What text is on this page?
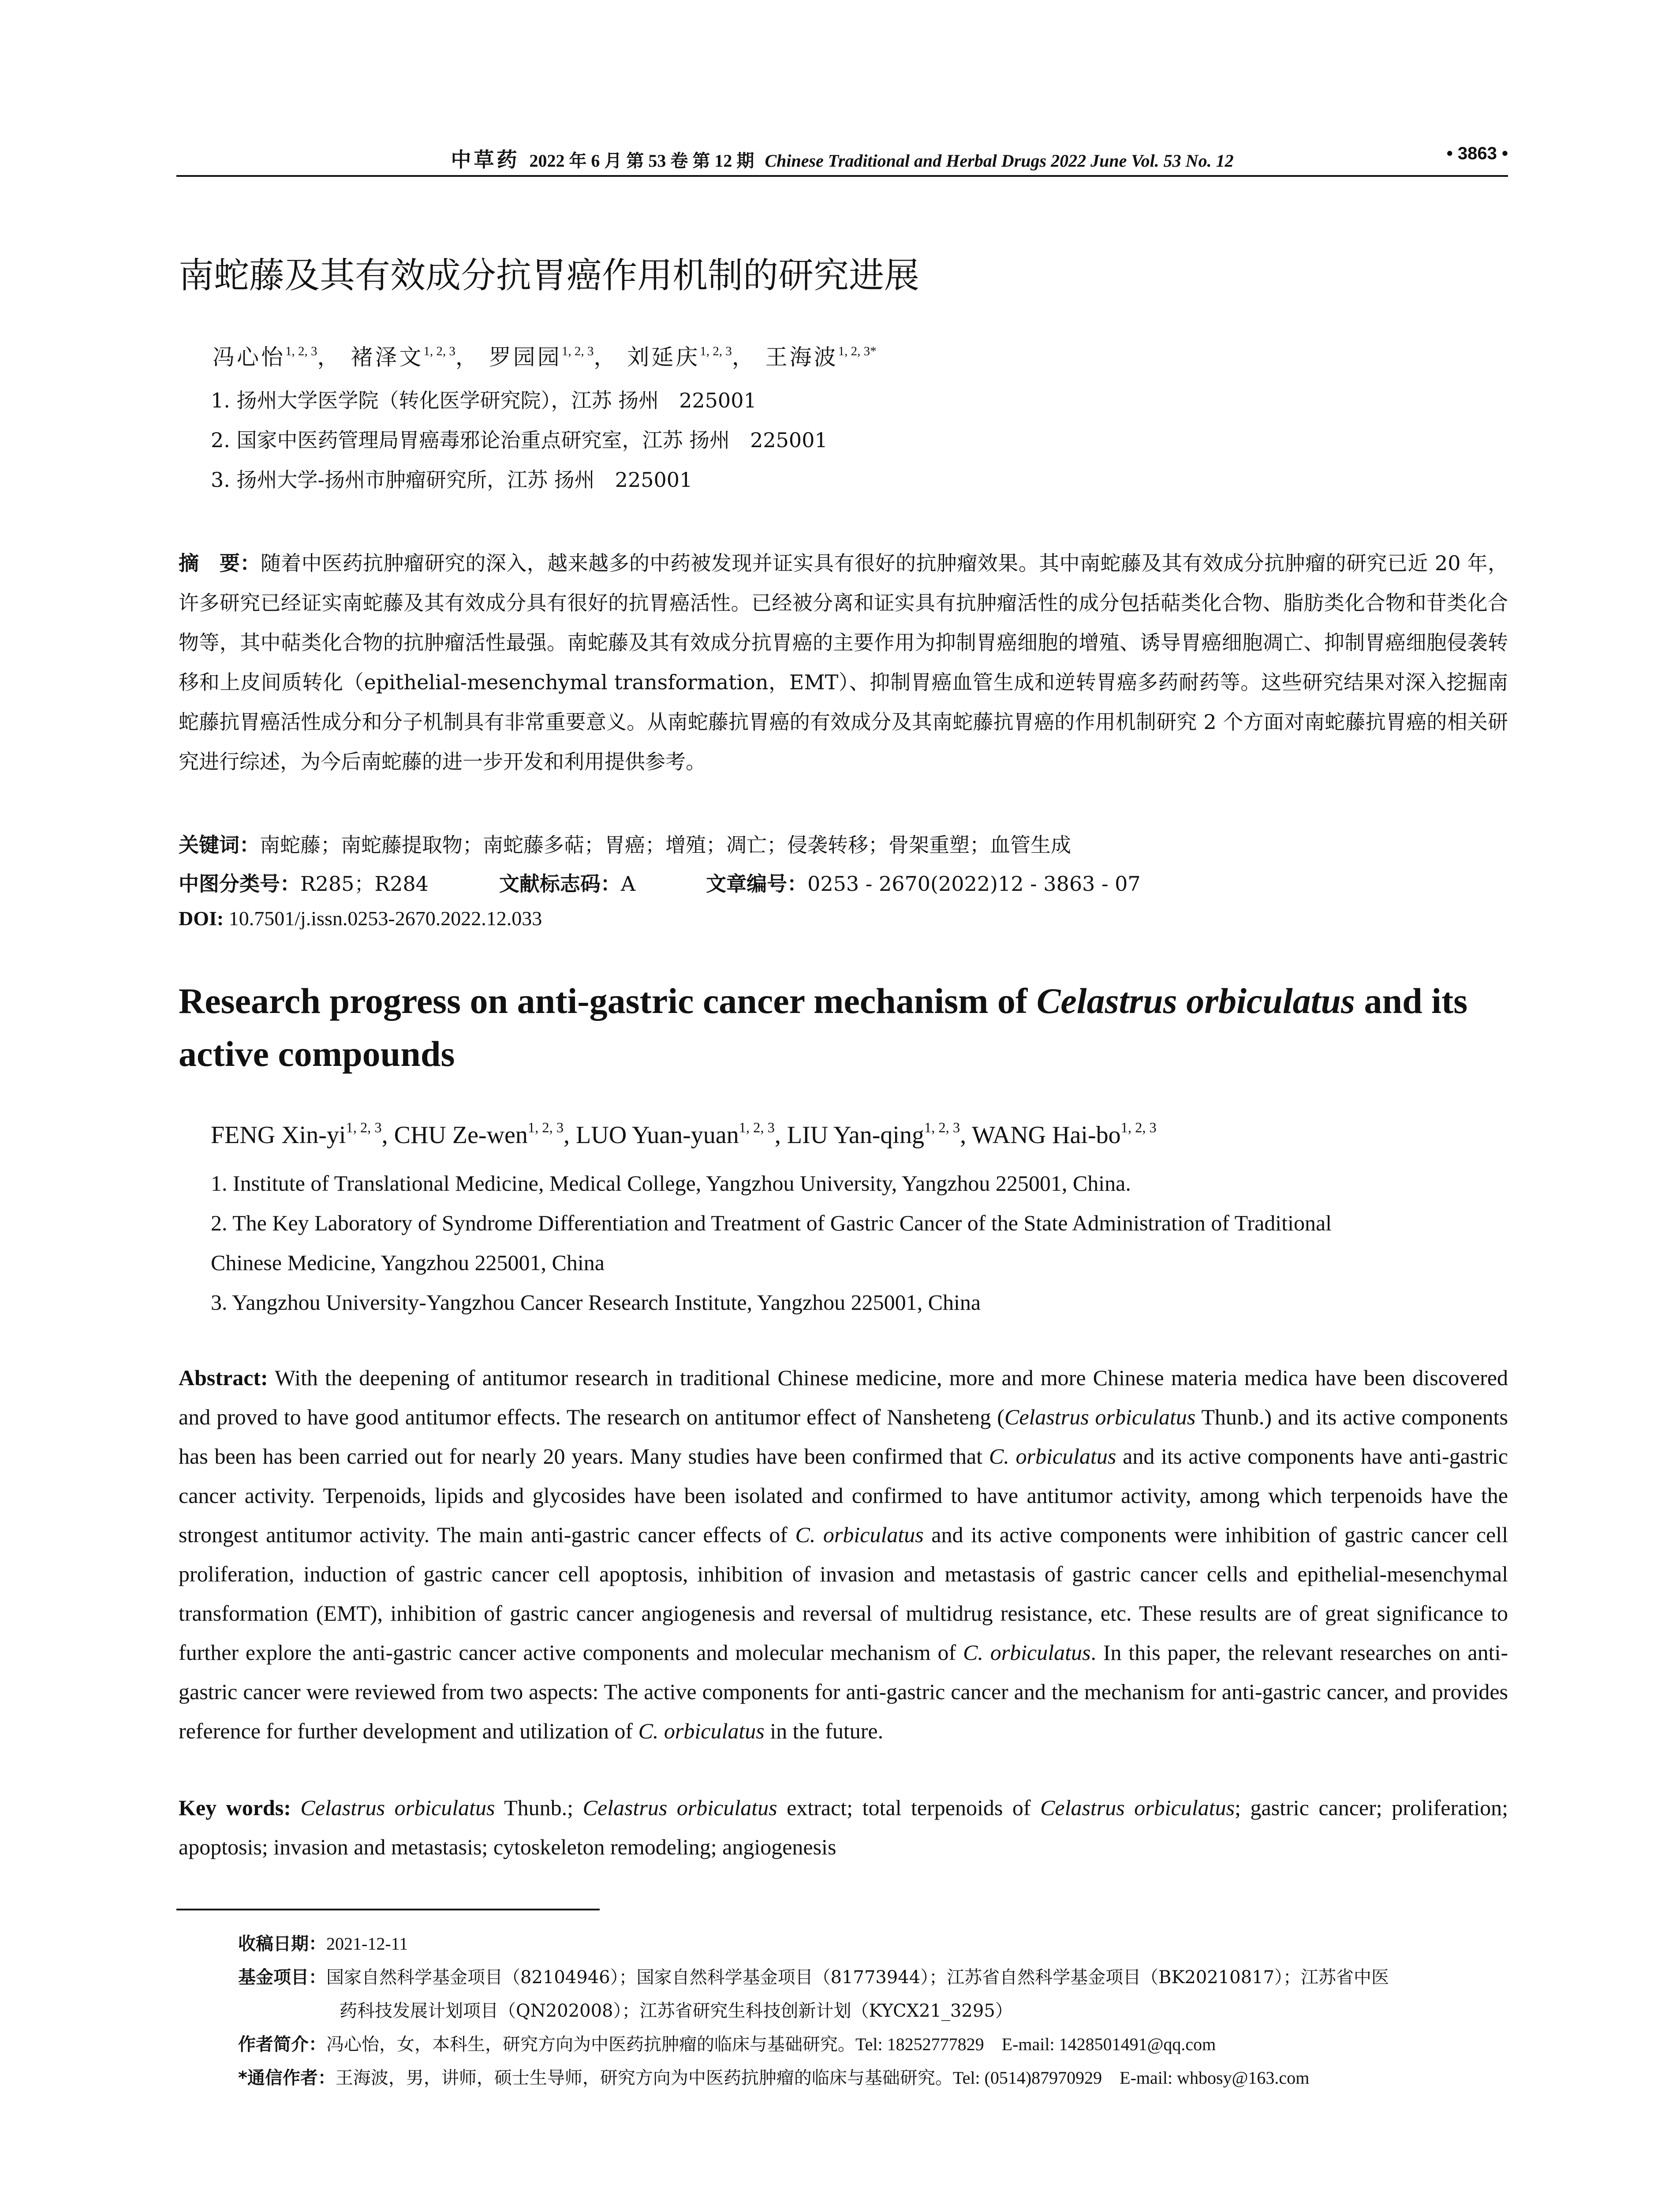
中草药 2022 年 6 月 第 53 卷 第 12 期 Chinese Traditional and Herbal Drugs 2022 June Vol. 53 No. 12	• 3863 •
南蛇藤及其有效成分抗胃癌作用机制的研究进展
冯心怡$^{1, 2, 3}$， 褚泽文$^{1, 2, 3}$， 罗园园$^{1, 2, 3}$， 刘延庆$^{1, 2, 3}$， 王海波$^{1, 2, 3*}$
1. 扬州大学医学院（转化医学研究院），江苏 扬州　225001
2. 国家中医药管理局胃癌毒邪论治重点研究室，江苏 扬州　225001
3. 扬州大学-扬州市肿瘤研究所，江苏 扬州　225001
摘　要：随着中医药抗肿瘤研究的深入，越来越多的中药被发现并证实具有很好的抗肿瘤效果。其中南蛇藤及其有效成分抗肿瘤的研究已近 20 年，许多研究已经证实南蛇藤及其有效成分具有很好的抗胃癌活性。已经被分离和证实具有抗肿瘤活性的成分包括萜类化合物、脂肪类化合物和苷类化合物等，其中萜类化合物的抗肿瘤活性最强。南蛇藤及其有效成分抗胃癌的主要作用为抑制胃癌细胞的增殖、诱导胃癌细胞凋亡、抑制胃癌细胞侵袭转移和上皮间质转化（epithelial-mesenchymal transformation，EMT）、抑制胃癌血管生成和逆转胃癌多药耐药等。这些研究结果对深入挖掘南蛇藤抗胃癌活性成分和分子机制具有非常重要意义。从南蛇藤抗胃癌的有效成分及其南蛇藤抗胃癌的作用机制研究 2 个方面对南蛇藤抗胃癌的相关研究进行综述，为今后南蛇藤的进一步开发和利用提供参考。
关键词：南蛇藤；南蛇藤提取物；南蛇藤多萜；胃癌；增殖；凋亡；侵袭转移；骨架重塑；血管生成
中图分类号：R285；R284	文献标志码：A	文章编号：0253 - 2670(2022)12 - 3863 - 07
DOI: 10.7501/j.issn.0253-2670.2022.12.033
Research progress on anti-gastric cancer mechanism of Celastrus orbiculatus and its active compounds
FENG Xin-yi$^{1, 2, 3}$, CHU Ze-wen$^{1, 2, 3}$, LUO Yuan-yuan$^{1, 2, 3}$, LIU Yan-qing$^{1, 2, 3}$, WANG Hai-bo$^{1, 2, 3}$
1. Institute of Translational Medicine, Medical College, Yangzhou University, Yangzhou 225001, China.
2. The Key Laboratory of Syndrome Differentiation and Treatment of Gastric Cancer of the State Administration of Traditional
Chinese Medicine, Yangzhou 225001, China
3. Yangzhou University-Yangzhou Cancer Research Institute, Yangzhou 225001, China
Abstract: With the deepening of antitumor research in traditional Chinese medicine, more and more Chinese materia medica have been discovered and proved to have good antitumor effects. The research on antitumor effect of Nansheteng (Celastrus orbiculatus Thunb.) and its active components has been has been carried out for nearly 20 years. Many studies have been confirmed that C. orbiculatus and its active components have anti-gastric cancer activity. Terpenoids, lipids and glycosides have been isolated and confirmed to have antitumor activity, among which terpenoids have the strongest antitumor activity. The main anti-gastric cancer effects of C. orbiculatus and its active components were inhibition of gastric cancer cell proliferation, induction of gastric cancer cell apoptosis, inhibition of invasion and metastasis of gastric cancer cells and epithelial-mesenchymal transformation (EMT), inhibition of gastric cancer angiogenesis and reversal of multidrug resistance, etc. These results are of great significance to further explore the anti-gastric cancer active components and molecular mechanism of C. orbiculatus. In this paper, the relevant researches on anti-gastric cancer were reviewed from two aspects: The active components for anti-gastric cancer and the mechanism for anti-gastric cancer, and provides reference for further development and utilization of C. orbiculatus in the future.
Key words: Celastrus orbiculatus Thunb.; Celastrus orbiculatus extract; total terpenoids of Celastrus orbiculatus; gastric cancer; proliferation; apoptosis; invasion and metastasis; cytoskeleton remodeling; angiogenesis
收稿日期：2021-12-11
基金项目：国家自然科学基金项目（82104946）；国家自然科学基金项目（81773944）；江苏省自然科学基金项目（BK20210817）；江苏省中医
药科技发展计划项目（QN202008）；江苏省研究生科技创新计划（KYCX21_3295）
作者简介：冯心怡，女，本科生，研究方向为中医药抗肿瘤的临床与基础研究。Tel: 18252777829　E-mail: 1428501491@qq.com
*通信作者：王海波，男，讲师，硕士生导师，研究方向为中医药抗肿瘤的临床与基础研究。Tel: (0514)87970929　E-mail: whbosy@163.com
